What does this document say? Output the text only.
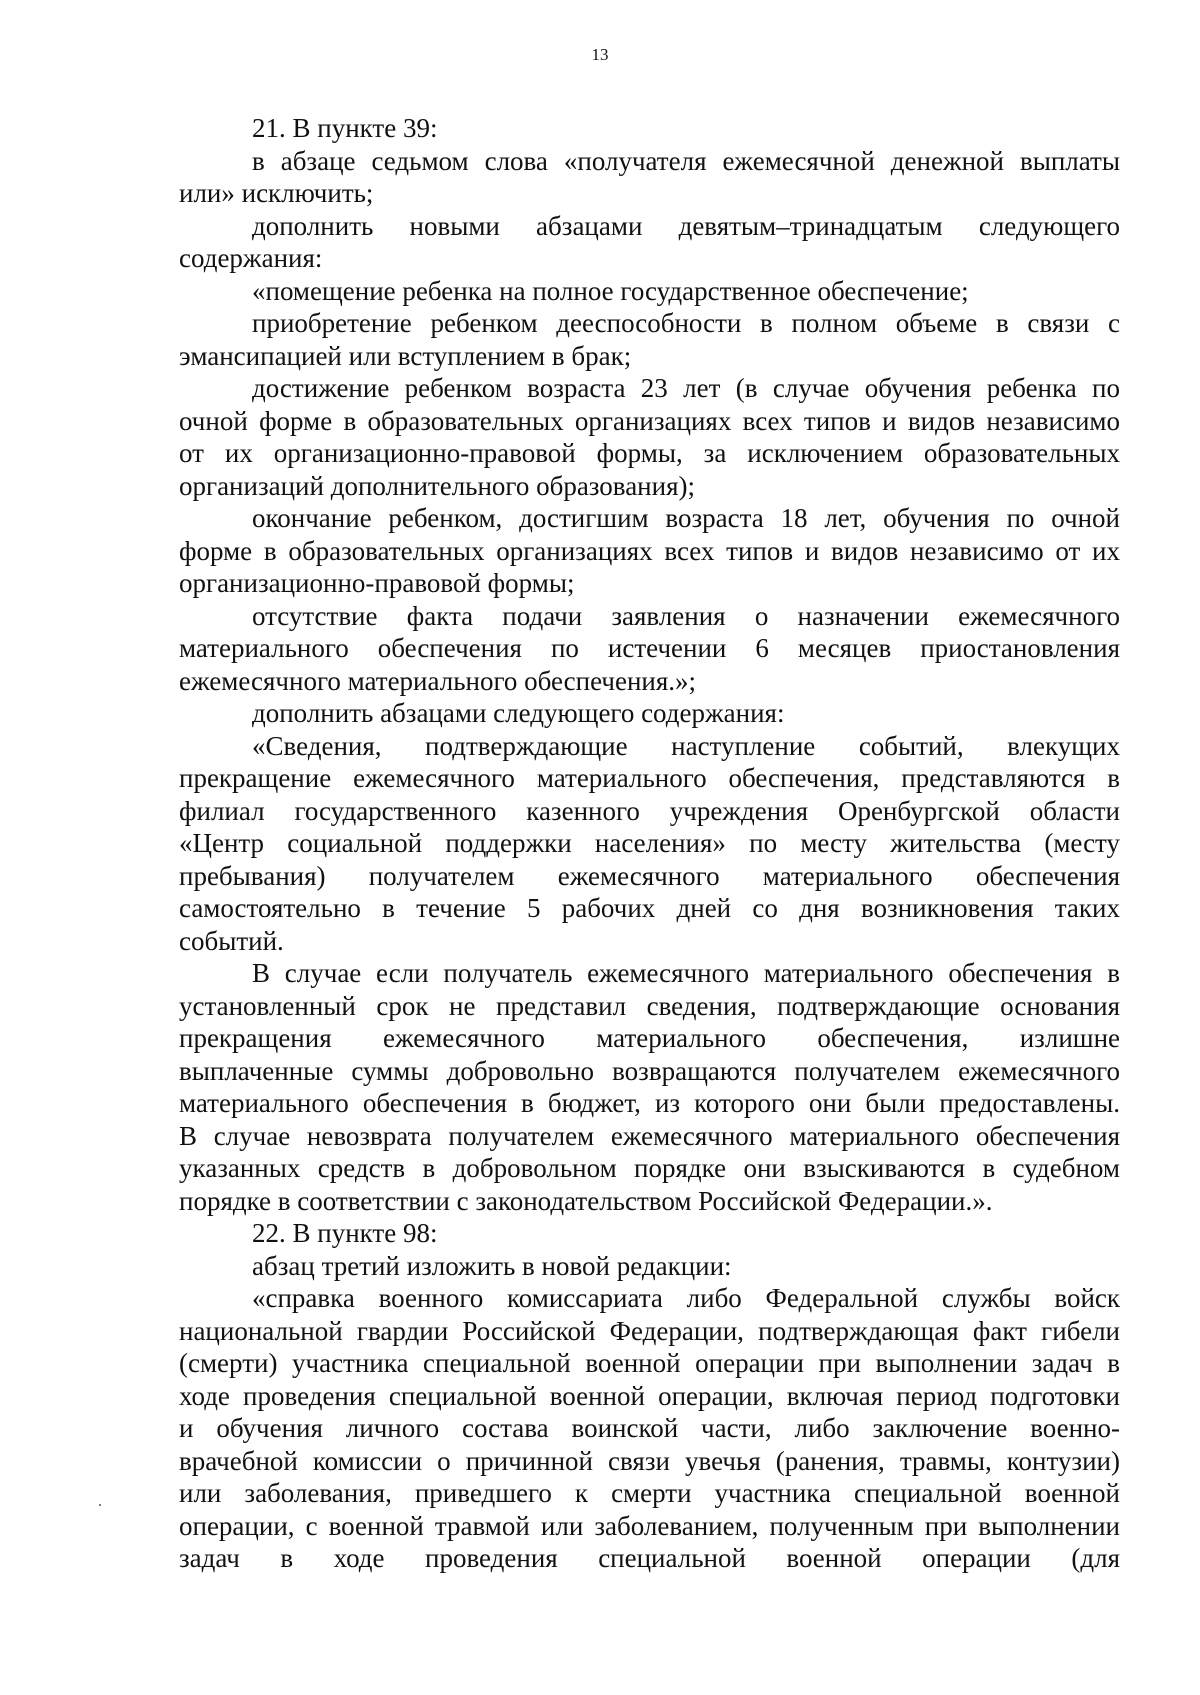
13
21. В пункте 39:
в абзаце седьмом слова «получателя ежемесячной денежной выплаты
или» исключить;
дополнить новыми абзацами девятым–тринадцатым следующего
содержания:
«помещение ребенка на полное государственное обеспечение;
приобретение ребенком дееспособности в полном объеме в связи с
эмансипацией или вступлением в брак;
достижение ребенком возраста 23 лет (в случае обучения ребенка по
очной форме в образовательных организациях всех типов и видов независимо
от их организационно-правовой формы, за исключением образовательных
организаций дополнительного образования);
окончание ребенком, достигшим возраста 18 лет, обучения по очной
форме в образовательных организациях всех типов и видов независимо от их
организационно-правовой формы;
отсутствие факта подачи заявления о назначении ежемесячного
материального обеспечения по истечении 6 месяцев приостановления
ежемесячного материального обеспечения.»;
дополнить абзацами следующего содержания:
«Сведения, подтверждающие наступление событий, влекущих
прекращение ежемесячного материального обеспечения, представляются в
филиал государственного казенного учреждения Оренбургской области
«Центр социальной поддержки населения» по месту жительства (месту
пребывания) получателем ежемесячного материального обеспечения
самостоятельно в течение 5 рабочих дней со дня возникновения таких
событий.
В случае если получатель ежемесячного материального обеспечения в
установленный срок не представил сведения, подтверждающие основания
прекращения ежемесячного материального обеспечения, излишне
выплаченные суммы добровольно возвращаются получателем ежемесячного
материального обеспечения в бюджет, из которого они были предоставлены.
В случае невозврата получателем ежемесячного материального обеспечения
указанных средств в добровольном порядке они взыскиваются в судебном
порядке в соответствии с законодательством Российской Федерации.».
22. В пункте 98:
абзац третий изложить в новой редакции:
«справка военного комиссариата либо Федеральной службы войск
национальной гвардии Российской Федерации, подтверждающая факт гибели
(смерти) участника специальной военной операции при выполнении задач в
ходе проведения специальной военной операции, включая период подготовки
и обучения личного состава воинской части, либо заключение военно-
врачебной комиссии о причинной связи увечья (ранения, травмы, контузии)
или заболевания, приведшего к смерти участника специальной военной
операции, с военной травмой или заболеванием, полученным при выполнении
задач в ходе проведения специальной военной операции (для
